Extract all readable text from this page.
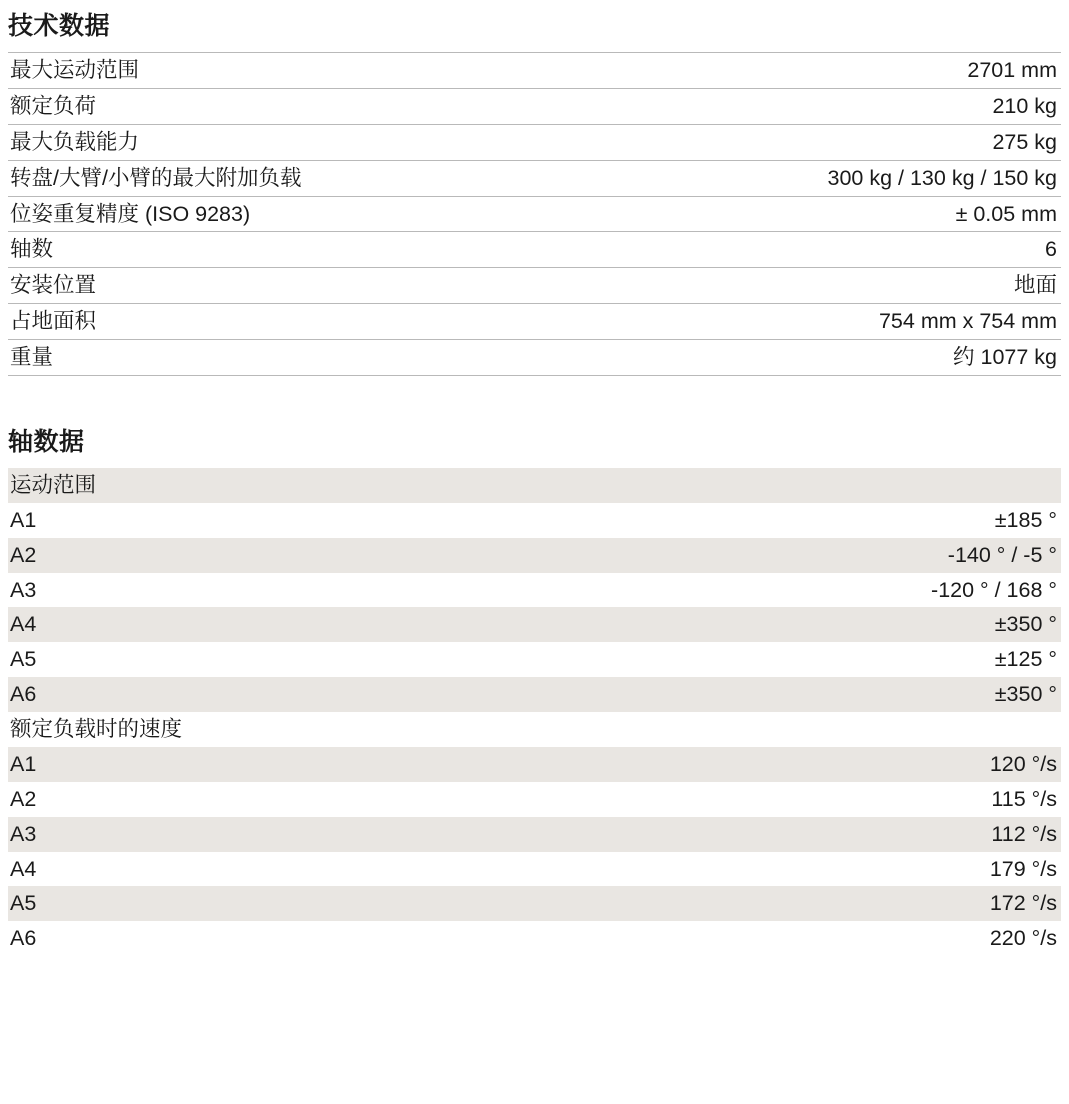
技术数据
最大运动范围	2701 mm
额定负荷	210 kg
最大负载能力	275 kg
转盘/大臂/小臂的最大附加负载	300 kg / 130 kg / 150 kg
位姿重复精度 (ISO 9283)	± 0.05 mm
轴数	6
安装位置	地面
占地面积	754 mm x 754 mm
重量	约 1077 kg
轴数据
运动范围	
A1	±185 °
A2	-140 ° / -5 °
A3	-120 ° / 168 °
A4	±350 °
A5	±125 °
A6	±350 °
额定负载时的速度	
A1	120 °/s
A2	115 °/s
A3	112 °/s
A4	179 °/s
A5	172 °/s
A6	220 °/s
